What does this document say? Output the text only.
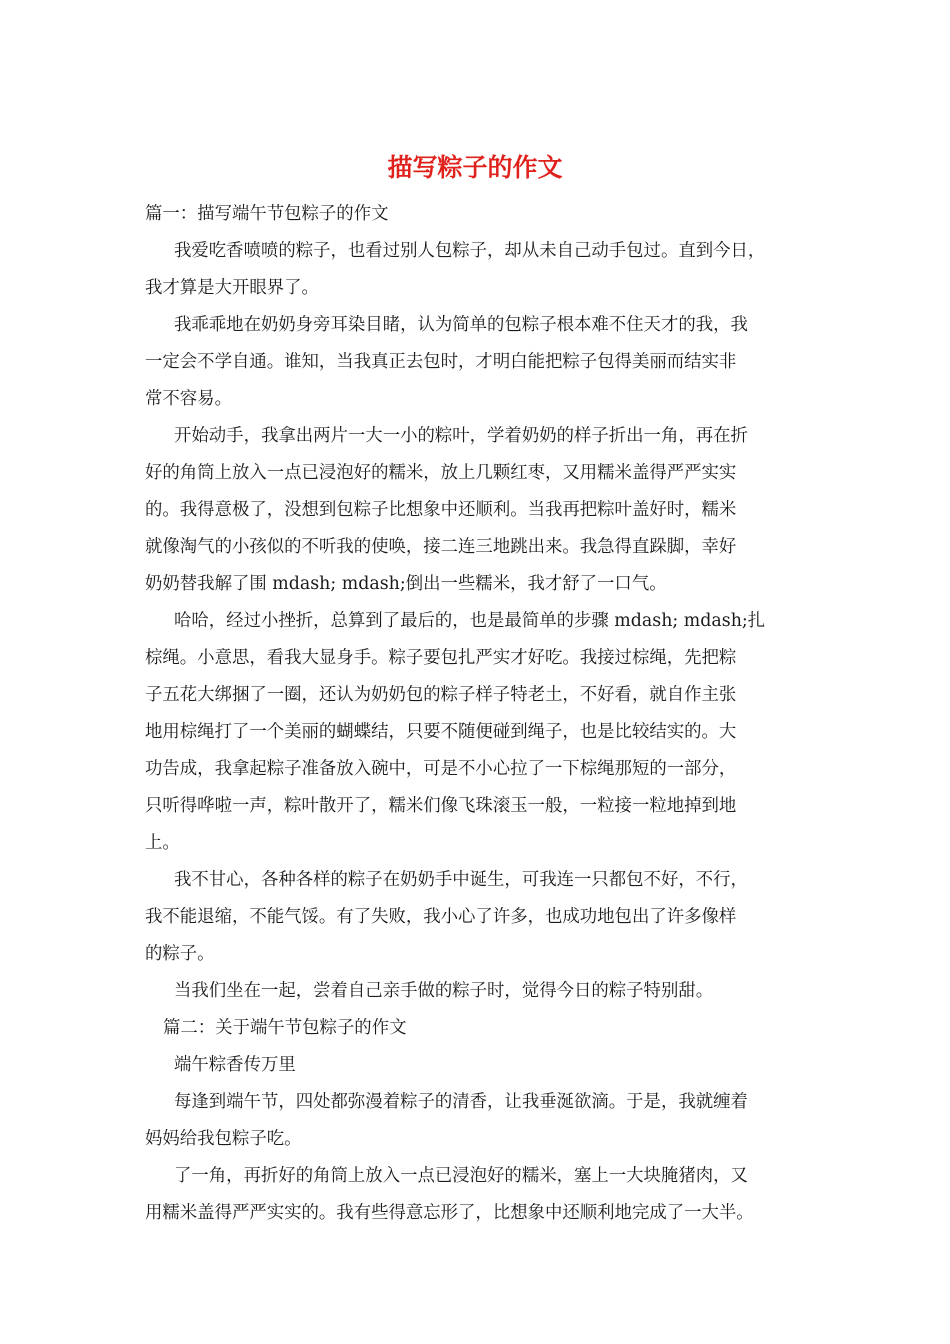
描写粽子的作文
篇一：描写端午节包粽子的作文
我爱吃香喷喷的粽子，也看过别人包粽子，却从未自己动手包过。直到今日，
我才算是大开眼界了。
我乖乖地在奶奶身旁耳染目睹，认为简单的包粽子根本难不住天才的我，我
一定会不学自通。谁知，当我真正去包时，才明白能把粽子包得美丽而结实非
常不容易。
开始动手，我拿出两片一大一小的粽叶，学着奶奶的样子折出一角，再在折
好的角筒上放入一点已浸泡好的糯米，放上几颗红枣，又用糯米盖得严严实实
的。我得意极了，没想到包粽子比想象中还顺利。当我再把粽叶盖好时，糯米
就像淘气的小孩似的不听我的使唤，接二连三地跳出来。我急得直跺脚，幸好
奶奶替我解了围 mdash; mdash;倒出一些糯米，我才舒了一口气。
哈哈，经过小挫折，总算到了最后的，也是最简单的步骤 mdash; mdash;扎
棕绳。小意思，看我大显身手。粽子要包扎严实才好吃。我接过棕绳，先把粽
子五花大绑捆了一圈，还认为奶奶包的粽子样子特老土，不好看，就自作主张
地用棕绳打了一个美丽的蝴蝶结，只要不随便碰到绳子，也是比较结实的。大
功告成，我拿起粽子准备放入碗中，可是不小心拉了一下棕绳那短的一部分，
只听得哗啦一声，粽叶散开了，糯米们像飞珠滚玉一般，一粒接一粒地掉到地
上。
我不甘心，各种各样的粽子在奶奶手中诞生，可我连一只都包不好，不行，
我不能退缩，不能气馁。有了失败，我小心了许多，也成功地包出了许多像样
的粽子。
当我们坐在一起，尝着自己亲手做的粽子时，觉得今日的粽子特别甜。
篇二：关于端午节包粽子的作文
端午粽香传万里
每逢到端午节，四处都弥漫着粽子的清香，让我垂涎欲滴。于是，我就缠着
妈妈给我包粽子吃。
了一角，再折好的角筒上放入一点已浸泡好的糯米，塞上一大块腌猪肉，又
用糯米盖得严严实实的。我有些得意忘形了，比想象中还顺利地完成了一大半。
